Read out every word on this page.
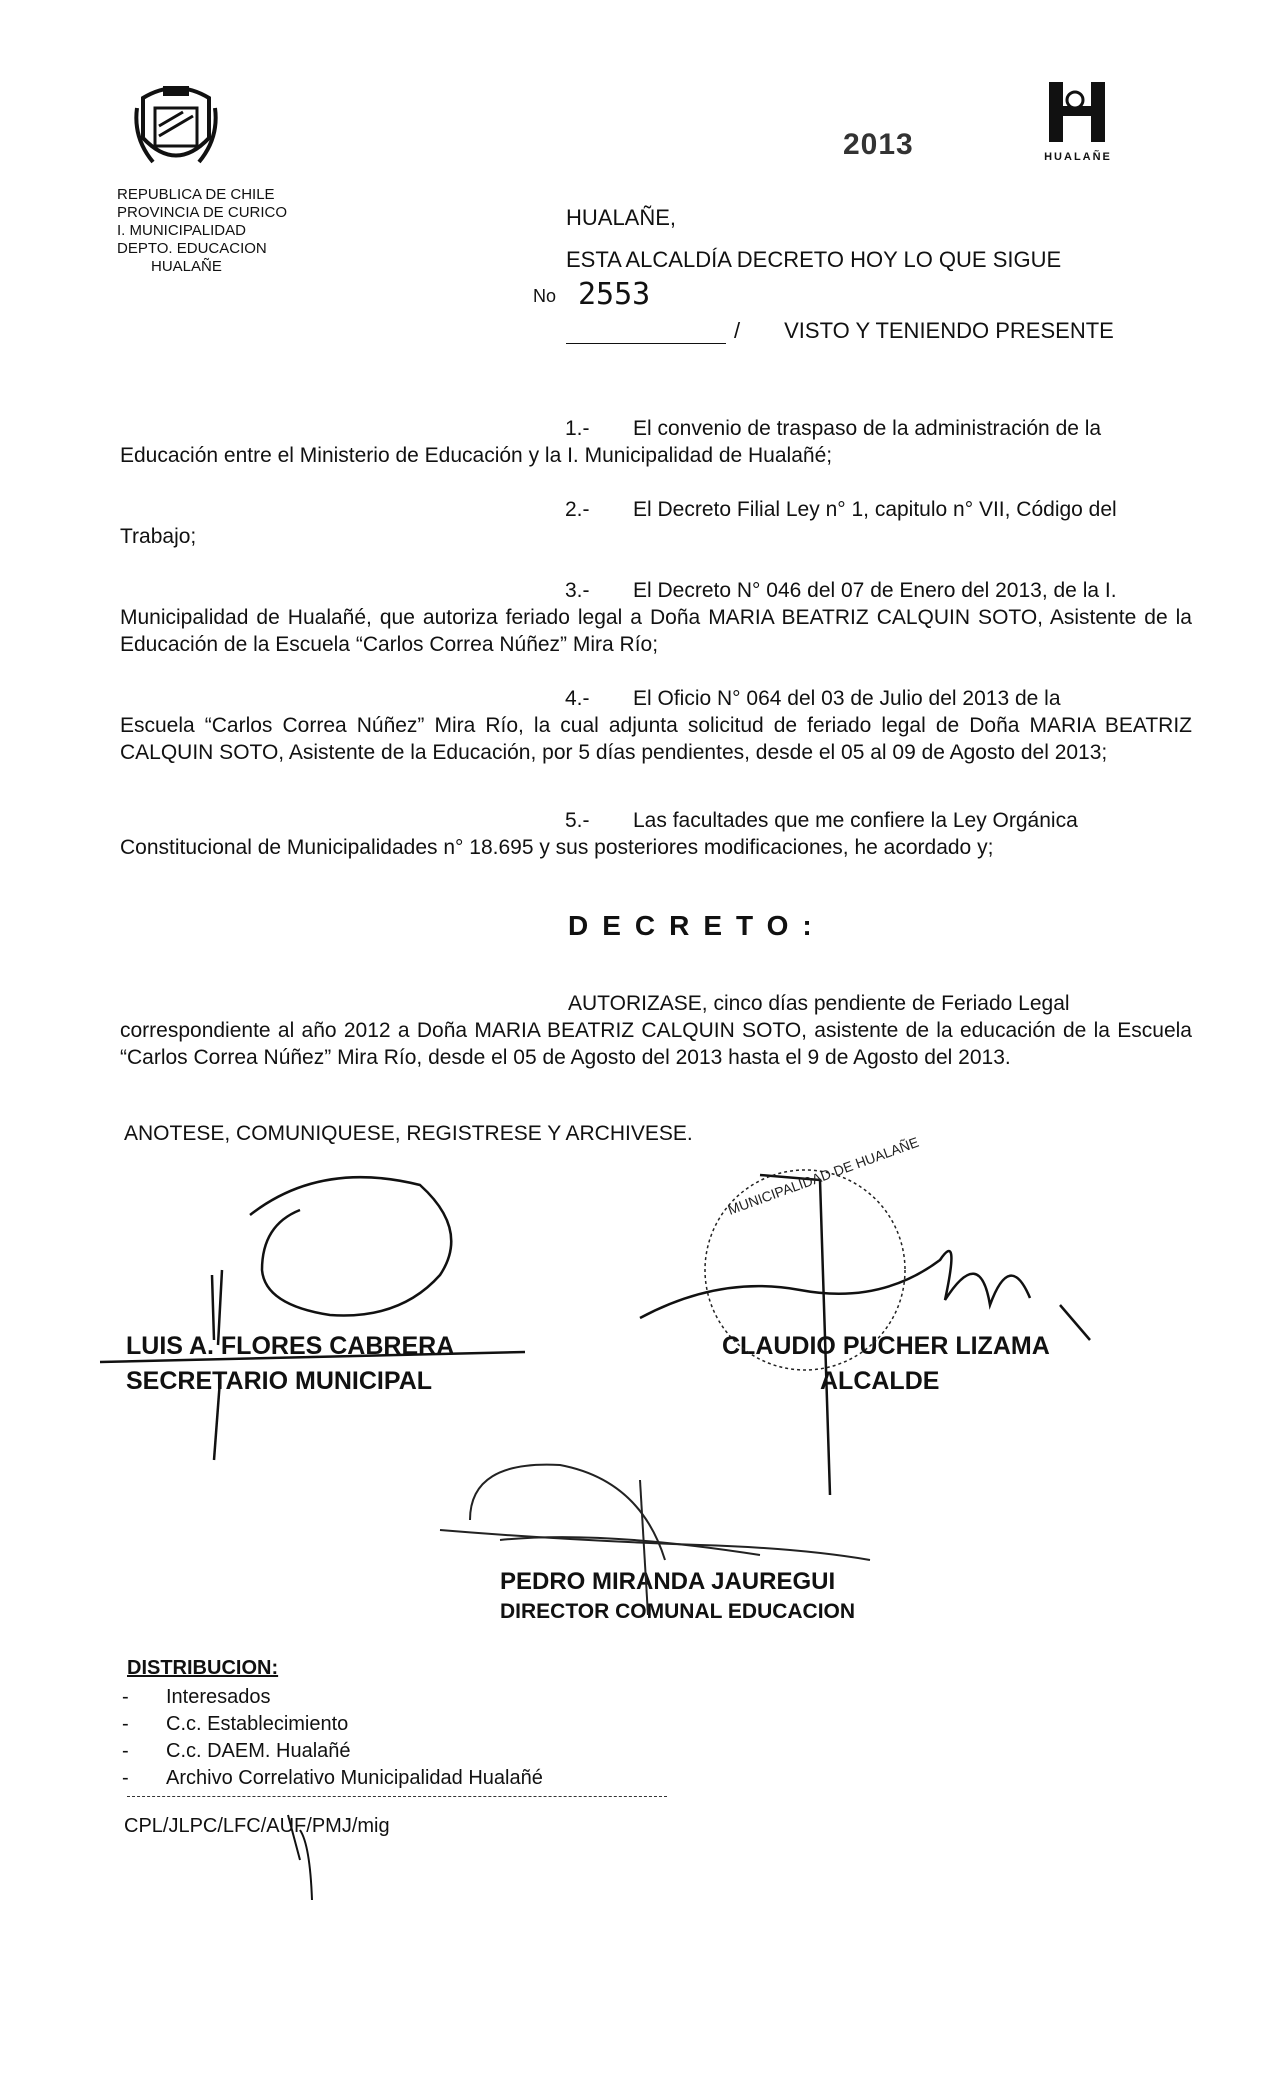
REPUBLICA DE CHILE
PROVINCIA DE CURICO
I. MUNICIPALIDAD
DEPTO. EDUCACION
HUALAÑE
2013	HUALAÑE
HUALAÑE,
ESTA ALCALDÍA DECRETO HOY LO QUE SIGUE
No 2553
/ VISTO Y TENIENDO PRESENTE

1.- El convenio de traspaso de la administración de la
Educación entre el Ministerio de Educación y la I. Municipalidad de Hualañé;

2.- El Decreto Filial Ley n° 1, capitulo n° VII, Código del
Trabajo;

3.- El Decreto N° 046 del 07 de Enero del 2013, de la I.
Municipalidad de Hualañé, que autoriza feriado legal a Doña MARIA BEATRIZ CALQUIN SOTO, Asistente de la Educación de la Escuela “Carlos Correa Núñez” Mira Río;

4.- El Oficio N° 064 del 03 de Julio del 2013 de la
Escuela “Carlos Correa Núñez” Mira Río, la cual adjunta solicitud de feriado legal de Doña MARIA BEATRIZ CALQUIN SOTO, Asistente de la Educación, por 5 días pendientes, desde el 05 al 09 de Agosto del 2013;

5.- Las facultades que me confiere la Ley Orgánica
Constitucional de Municipalidades n° 18.695 y sus posteriores modificaciones, he acordado y;

DECRETO:

AUTORIZASE, cinco días pendiente de Feriado Legal
correspondiente al año 2012 a Doña MARIA BEATRIZ CALQUIN SOTO, asistente de la educación de la Escuela “Carlos Correa Núñez” Mira Río, desde el 05 de Agosto del 2013 hasta el 9 de Agosto del 2013.

ANOTESE, COMUNIQUESE, REGISTRESE Y ARCHIVESE.
LUIS A. FLORES CABRERA
SECRETARIO MUNICIPAL
CLAUDIO PUCHER LIZAMA
ALCALDE
PEDRO MIRANDA JAUREGUI
DIRECTOR COMUNAL EDUCACION
MUNICIPALIDAD DE HUALAÑE
DISTRIBUCION:
- Interesados
- C.c. Establecimiento
- C.c. DAEM. Hualañé
- Archivo Correlativo Municipalidad Hualañé
CPL/JLPC/LFC/AUF/PMJ/mig
